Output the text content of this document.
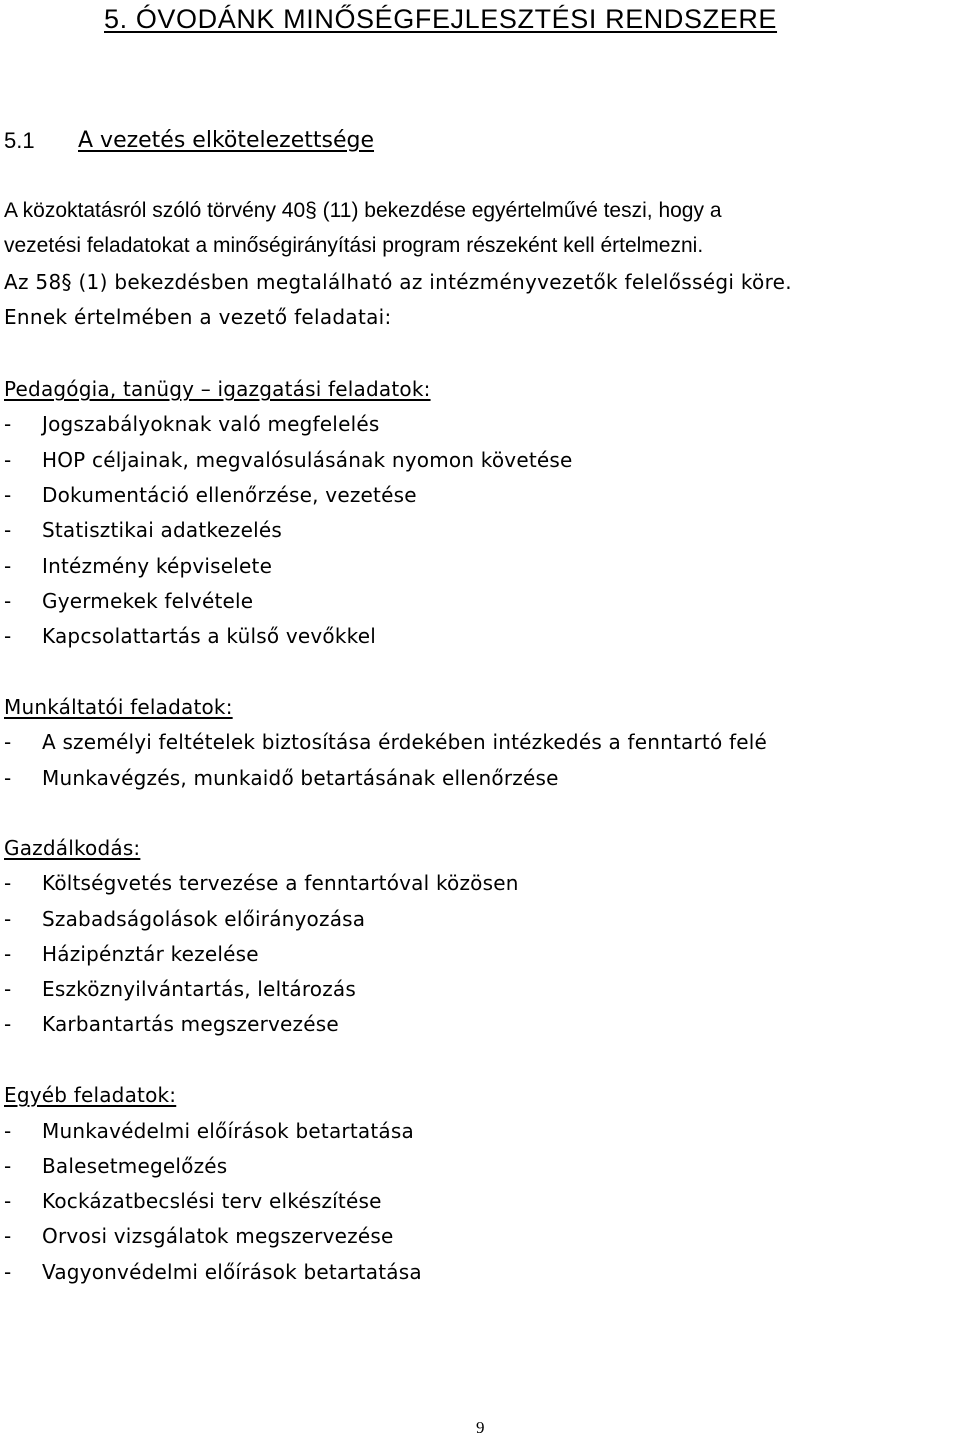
5. ÓVODÁNK MINŐSÉGFEJLESZTÉSI RENDSZERE
5.1	A vezetés elkötelezettsége
A közoktatásról szóló törvény 40§ (11) bekezdése egyértelművé teszi, hogy a
vezetési feladatokat a minőségirányítási program részeként kell értelmezni.
Az 58§ (1) bekezdésben megtalálható az intézményvezetők felelősségi köre.
Ennek értelmében a vezető feladatai:
Pedagógia, tanügy – igazgatási feladatok:
- Jogszabályoknak való megfelelés
- HOP céljainak, megvalósulásának nyomon követése
- Dokumentáció ellenőrzése, vezetése
- Statisztikai adatkezelés
- Intézmény képviselete
- Gyermekek felvétele
- Kapcsolattartás a külső vevőkkel
Munkáltatói feladatok:
- A személyi feltételek biztosítása érdekében intézkedés a fenntartó felé
- Munkavégzés, munkaidő betartásának ellenőrzése
Gazdálkodás:
- Költségvetés tervezése a fenntartóval közösen
- Szabadságolások előirányozása
- Házipénztár kezelése
- Eszköznyilvántartás, leltározás
- Karbantartás megszervezése
Egyéb feladatok:
- Munkavédelmi előírások betartatása
- Balesetmegelőzés
- Kockázatbecslési terv elkészítése
- Orvosi vizsgálatok megszervezése
- Vagyonvédelmi előírások betartatása
9
